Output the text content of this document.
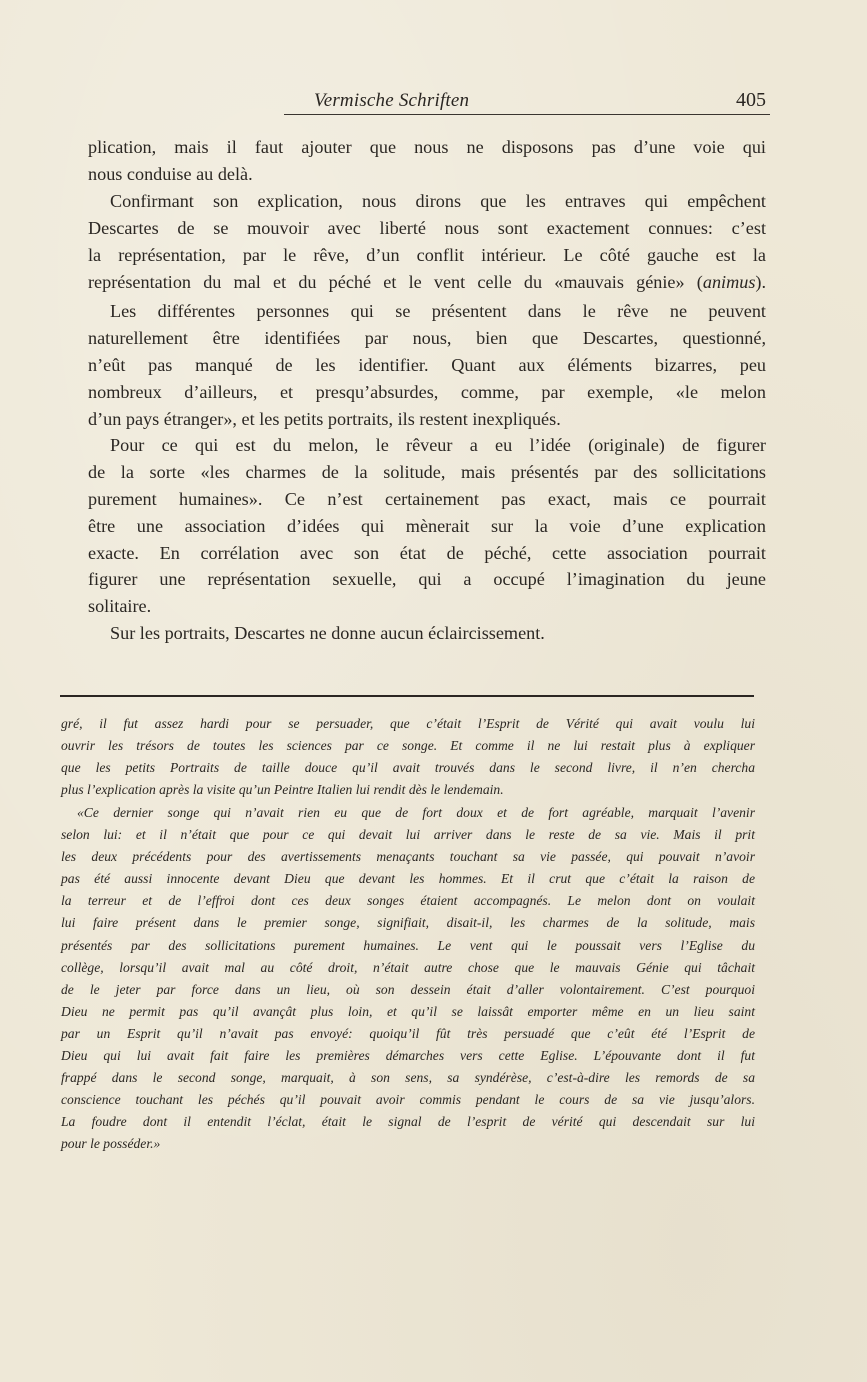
Vermische Schriften	405
plication, mais il faut ajouter que nous ne disposons pas d’une voie qui
nous conduise au delà.
Confirmant son explication, nous dirons que les entraves qui empêchent
Descartes de se mouvoir avec liberté nous sont exactement connues: c’est
la représentation, par le rêve, d’un conflit intérieur. Le côté gauche est la
représentation du mal et du péché et le vent celle du «mauvais génie» (animus).
Les différentes personnes qui se présentent dans le rêve ne peuvent
naturellement être identifiées par nous, bien que Descartes, questionné,
n’eût pas manqué de les identifier. Quant aux éléments bizarres, peu
nombreux d’ailleurs, et presqu’absurdes, comme, par exemple, «le melon
d’un pays étranger», et les petits portraits, ils restent inexpliqués.
Pour ce qui est du melon, le rêveur a eu l’idée (originale) de figurer
de la sorte «les charmes de la solitude, mais présentés par des sollicitations
purement humaines». Ce n’est certainement pas exact, mais ce pourrait
être une association d’idées qui mènerait sur la voie d’une explication
exacte. En corrélation avec son état de péché, cette association pourrait
figurer une représentation sexuelle, qui a occupé l’imagination du jeune
solitaire.
Sur les portraits, Descartes ne donne aucun éclaircissement.
gré, il fut assez hardi pour se persuader, que c’était l’Esprit de Vérité qui avait voulu lui
ouvrir les trésors de toutes les sciences par ce songe. Et comme il ne lui restait plus à expliquer
que les petits Portraits de taille douce qu’il avait trouvés dans le second livre, il n’en chercha
plus l’explication après la visite qu’un Peintre Italien lui rendit dès le lendemain.
«Ce dernier songe qui n’avait rien eu que de fort doux et de fort agréable, marquait l’avenir
selon lui: et il n’était que pour ce qui devait lui arriver dans le reste de sa vie. Mais il prit
les deux précédents pour des avertissements menaçants touchant sa vie passée, qui pouvait n’avoir
pas été aussi innocente devant Dieu que devant les hommes. Et il crut que c’était la raison de
la terreur et de l’effroi dont ces deux songes étaient accompagnés. Le melon dont on voulait
lui faire présent dans le premier songe, signifiait, disait-il, les charmes de la solitude, mais
présentés par des sollicitations purement humaines. Le vent qui le poussait vers l’Eglise du
collège, lorsqu’il avait mal au côté droit, n’était autre chose que le mauvais Génie qui tâchait
de le jeter par force dans un lieu, où son dessein était d’aller volontairement. C’est pourquoi
Dieu ne permit pas qu’il avançât plus loin, et qu’il se laissât emporter même en un lieu saint
par un Esprit qu’il n’avait pas envoyé: quoiqu’il fût très persuadé que c’eût été l’Esprit de
Dieu qui lui avait fait faire les premières démarches vers cette Eglise. L’épouvante dont il fut
frappé dans le second songe, marquait, à son sens, sa syndérèse, c’est-à-dire les remords de sa
conscience touchant les péchés qu’il pouvait avoir commis pendant le cours de sa vie jusqu’alors.
La foudre dont il entendit l’éclat, était le signal de l’esprit de vérité qui descendait sur lui
pour le posséder.»
